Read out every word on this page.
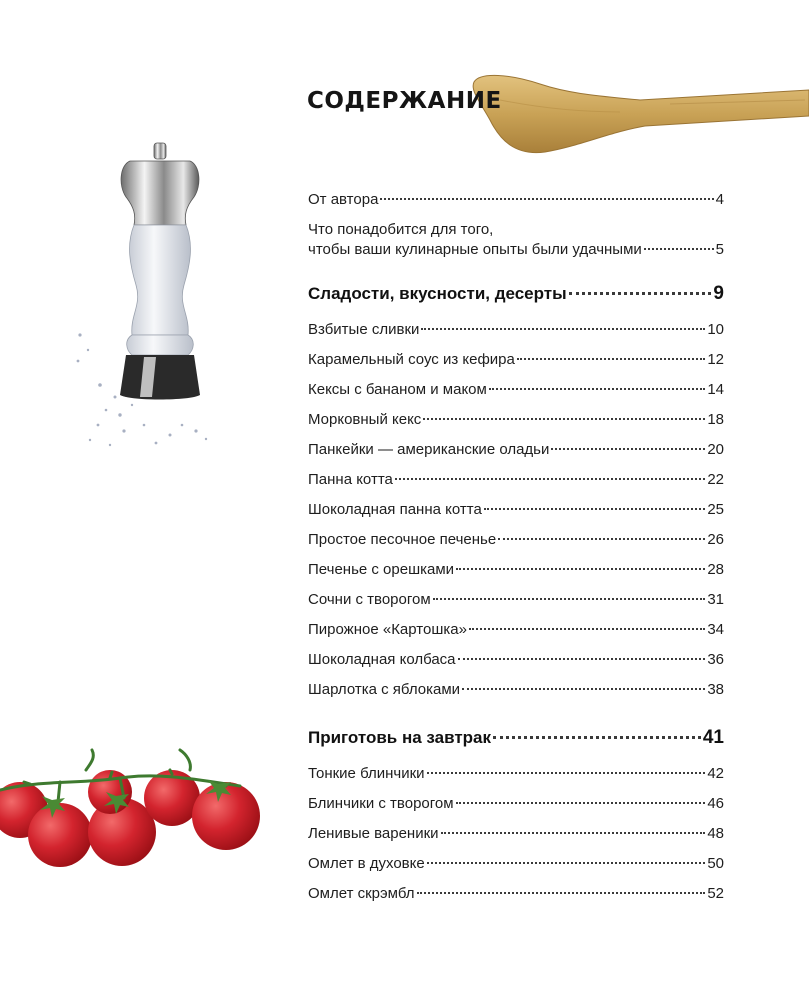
СОДЕРЖАНИЕ
От автора	4
Что понадобится для того,
чтобы ваши кулинарные опыты были удачными	5
Сладости, вкусности, десерты	9
Взбитые сливки	10
Карамельный соус из кефира	12
Кексы с бананом и маком	14
Морковный кекс	18
Панкейки — американские оладьи	20
Панна котта	22
Шоколадная панна котта	25
Простое песочное печенье	26
Печенье с орешками	28
Сочни с творогом	31
Пирожное «Картошка»	34
Шоколадная колбаса	36
Шарлотка с яблоками	38
Приготовь на завтрак	41
Тонкие блинчики	42
Блинчики с творогом	46
Ленивые вареники	48
Омлет в духовке	50
Омлет скрэмбл	52
